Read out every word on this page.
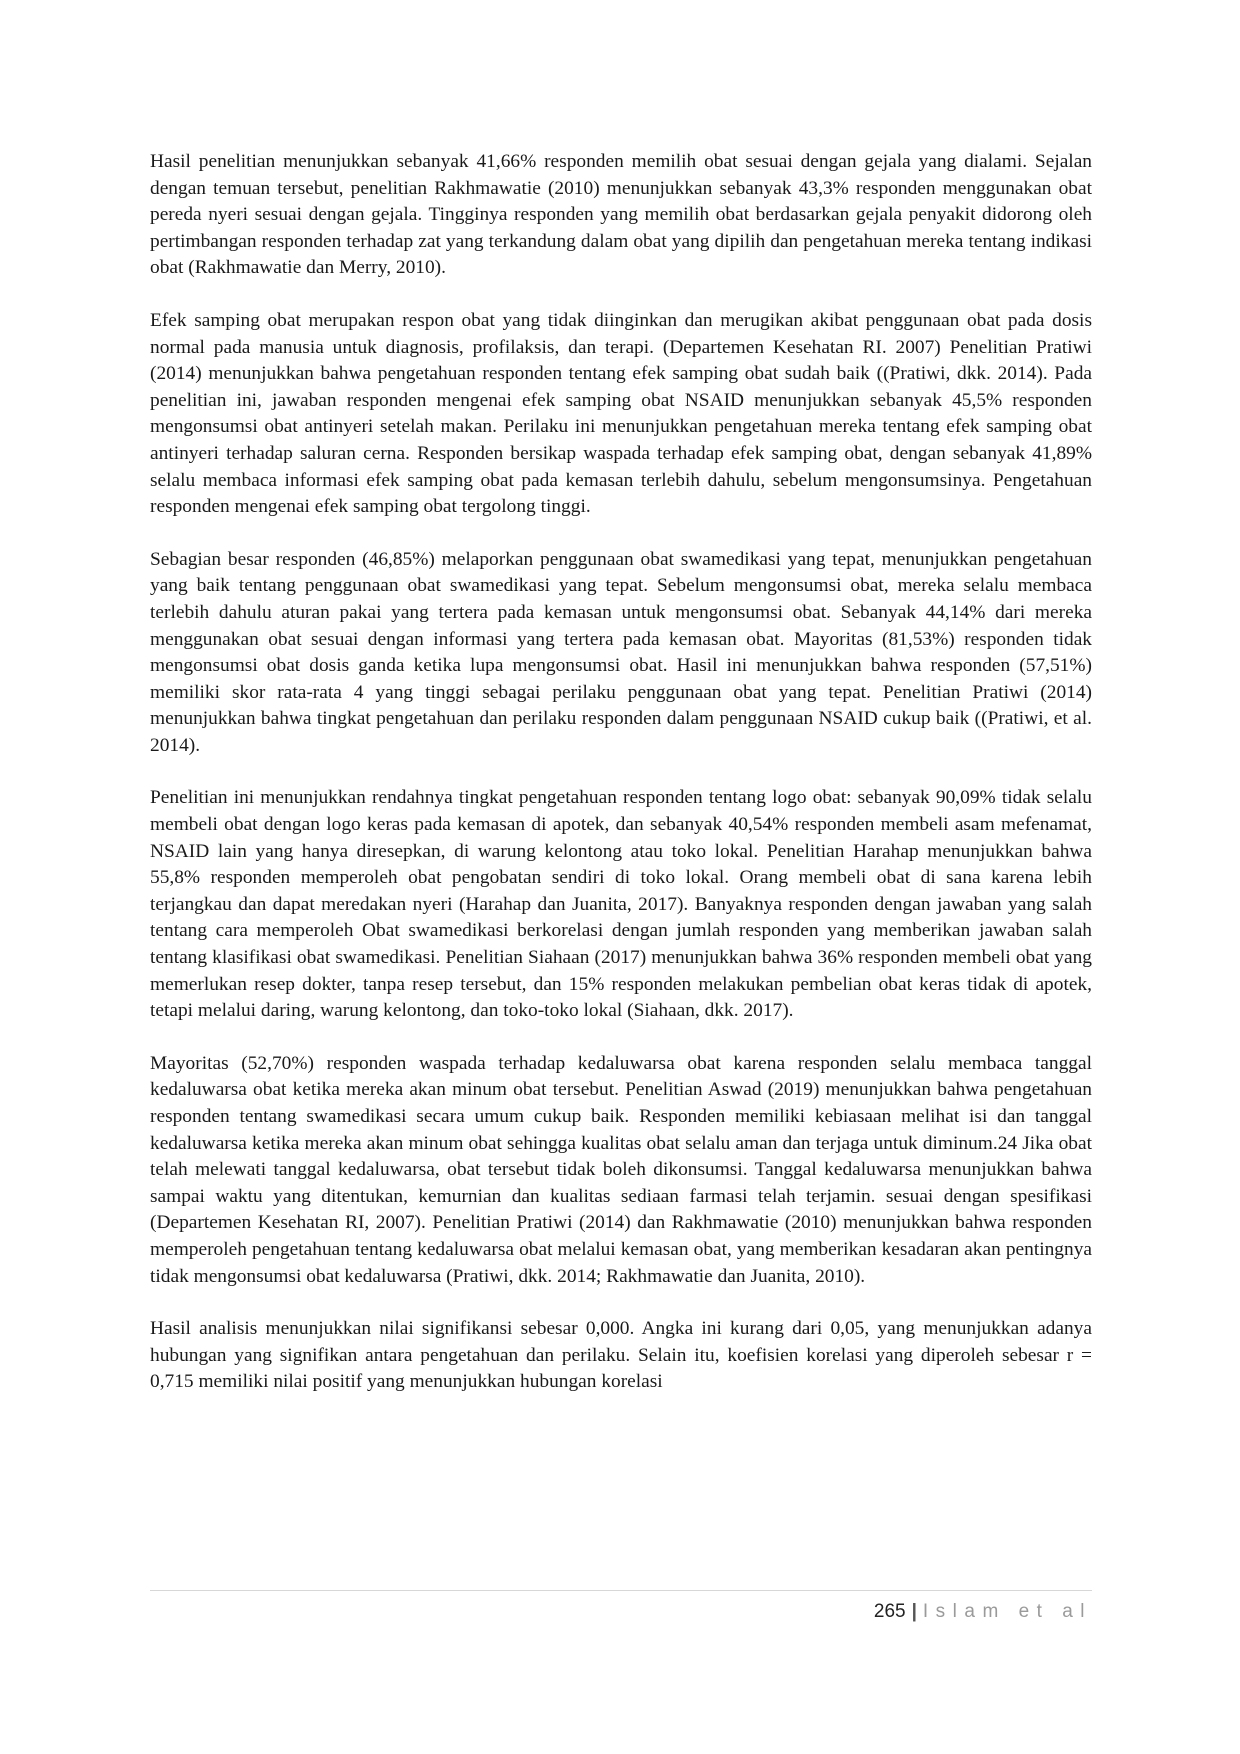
Hasil penelitian menunjukkan sebanyak 41,66% responden memilih obat sesuai dengan gejala yang dialami. Sejalan dengan temuan tersebut, penelitian Rakhmawatie (2010) menunjukkan sebanyak 43,3% responden menggunakan obat pereda nyeri sesuai dengan gejala. Tingginya responden yang memilih obat berdasarkan gejala penyakit didorong oleh pertimbangan responden terhadap zat yang terkandung dalam obat yang dipilih dan pengetahuan mereka tentang indikasi obat (Rakhmawatie dan Merry, 2010).

Efek samping obat merupakan respon obat yang tidak diinginkan dan merugikan akibat penggunaan obat pada dosis normal pada manusia untuk diagnosis, profilaksis, dan terapi. (Departemen Kesehatan RI. 2007) Penelitian Pratiwi (2014) menunjukkan bahwa pengetahuan responden tentang efek samping obat sudah baik ((Pratiwi, dkk. 2014). Pada penelitian ini, jawaban responden mengenai efek samping obat NSAID menunjukkan sebanyak 45,5% responden mengonsumsi obat antinyeri setelah makan. Perilaku ini menunjukkan pengetahuan mereka tentang efek samping obat antinyeri terhadap saluran cerna. Responden bersikap waspada terhadap efek samping obat, dengan sebanyak 41,89% selalu membaca informasi efek samping obat pada kemasan terlebih dahulu, sebelum mengonsumsinya. Pengetahuan responden mengenai efek samping obat tergolong tinggi.

Sebagian besar responden (46,85%) melaporkan penggunaan obat swamedikasi yang tepat, menunjukkan pengetahuan yang baik tentang penggunaan obat swamedikasi yang tepat. Sebelum mengonsumsi obat, mereka selalu membaca terlebih dahulu aturan pakai yang tertera pada kemasan untuk mengonsumsi obat. Sebanyak 44,14% dari mereka menggunakan obat sesuai dengan informasi yang tertera pada kemasan obat. Mayoritas (81,53%) responden tidak mengonsumsi obat dosis ganda ketika lupa mengonsumsi obat. Hasil ini menunjukkan bahwa responden (57,51%) memiliki skor rata-rata 4 yang tinggi sebagai perilaku penggunaan obat yang tepat. Penelitian Pratiwi (2014) menunjukkan bahwa tingkat pengetahuan dan perilaku responden dalam penggunaan NSAID cukup baik ((Pratiwi, et al. 2014).

Penelitian ini menunjukkan rendahnya tingkat pengetahuan responden tentang logo obat: sebanyak 90,09% tidak selalu membeli obat dengan logo keras pada kemasan di apotek, dan sebanyak 40,54% responden membeli asam mefenamat, NSAID lain yang hanya diresepkan, di warung kelontong atau toko lokal. Penelitian Harahap menunjukkan bahwa 55,8% responden memperoleh obat pengobatan sendiri di toko lokal. Orang membeli obat di sana karena lebih terjangkau dan dapat meredakan nyeri (Harahap dan Juanita, 2017). Banyaknya responden dengan jawaban yang salah tentang cara memperoleh Obat swamedikasi berkorelasi dengan jumlah responden yang memberikan jawaban salah tentang klasifikasi obat swamedikasi. Penelitian Siahaan (2017) menunjukkan bahwa 36% responden membeli obat yang memerlukan resep dokter, tanpa resep tersebut, dan 15% responden melakukan pembelian obat keras tidak di apotek, tetapi melalui daring, warung kelontong, dan toko-toko lokal (Siahaan, dkk. 2017).

Mayoritas (52,70%) responden waspada terhadap kedaluwarsa obat karena responden selalu membaca tanggal kedaluwarsa obat ketika mereka akan minum obat tersebut. Penelitian Aswad (2019) menunjukkan bahwa pengetahuan responden tentang swamedikasi secara umum cukup baik. Responden memiliki kebiasaan melihat isi dan tanggal kedaluwarsa ketika mereka akan minum obat sehingga kualitas obat selalu aman dan terjaga untuk diminum.24 Jika obat telah melewati tanggal kedaluwarsa, obat tersebut tidak boleh dikonsumsi. Tanggal kedaluwarsa menunjukkan bahwa sampai waktu yang ditentukan, kemurnian dan kualitas sediaan farmasi telah terjamin. sesuai dengan spesifikasi (Departemen Kesehatan RI, 2007). Penelitian Pratiwi (2014) dan Rakhmawatie (2010) menunjukkan bahwa responden memperoleh pengetahuan tentang kedaluwarsa obat melalui kemasan obat, yang memberikan kesadaran akan pentingnya tidak mengonsumsi obat kedaluwarsa (Pratiwi, dkk. 2014; Rakhmawatie dan Juanita, 2010).

Hasil analisis menunjukkan nilai signifikansi sebesar 0,000. Angka ini kurang dari 0,05, yang menunjukkan adanya hubungan yang signifikan antara pengetahuan dan perilaku. Selain itu, koefisien korelasi yang diperoleh sebesar r = 0,715 memiliki nilai positif yang menunjukkan hubungan korelasi

265 | Islam et al
